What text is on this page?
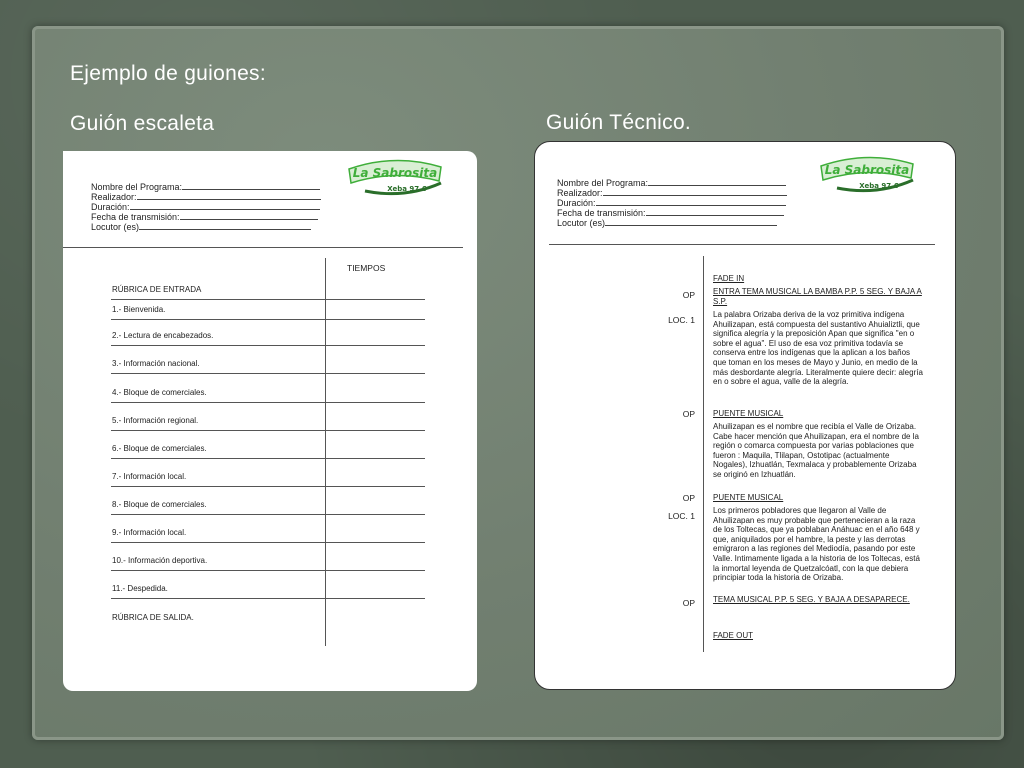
Ejemplo de guiones:
Guión escaleta	Guión Técnico.
La Sabrosita
Xeba 97.6
Nombre del Programa:
Realizador:
Duración:
Fecha de transmisión:
Locutor (es)
TIEMPOS
RÚBRICA DE ENTRADA
1.- Bienvenida.
2.- Lectura de encabezados.
3.- Información nacional.
4.- Bloque de comerciales.
5.- Información regional.
6.- Bloque de comerciales.
7.- Información local.
8.- Bloque de comerciales.
9.- Información local.
10.- Información deportiva.
11.- Despedida.
RÚBRICA DE SALIDA.
La Sabrosita
Xeba 97.6
Nombre del Programa:
Realizador:
Duración:
Fecha de transmisión:
Locutor (es)
FADE IN
OP ENTRA TEMA MUSICAL LA BAMBA P.P. 5 SEG. Y BAJA A S.P.
LOC. 1
La palabra Orizaba deriva de la voz primitiva indígena Ahuilizapan, está compuesta del sustantivo Ahuializtli, que significa alegría y la preposición Apan que significa "en o sobre el agua". El uso de esa voz primitiva todavía se conserva entre los indígenas que la aplican a los baños que toman en los meses de Mayo y Junio, en medio de la más desbordante alegría. Literalmente quiere decir: alegría en o sobre el agua, valle de la alegría.
OP PUENTE MUSICAL
Ahuilizapan es el nombre que recibía el Valle de Orizaba. Cabe hacer mención que Ahuilizapan, era el nombre de la región o comarca compuesta por varias poblaciones que fueron : Maquila, Tlilapan, Ostotipac (actualmente Nogales), Izhuatlán, Texmalaca y probablemente Orizaba se originó en Izhuatlán.
OP PUENTE MUSICAL
LOC. 1
Los primeros pobladores que llegaron al Valle de Ahuilizapan es muy probable que pertenecieran a la raza de los Toltecas, que ya poblaban Anáhuac en el año 648 y que, aniquilados por el hambre, la peste y las derrotas emigraron a las regiones del Mediodía, pasando por este Valle. Intimamente ligada a la historia de los Toltecas, está la inmortal leyenda de Quetzalcóatl, con la que debiera principiar toda la historia de Orizaba.
OP TEMA MUSICAL P.P. 5 SEG. Y BAJA A DESAPARECE.
FADE OUT
